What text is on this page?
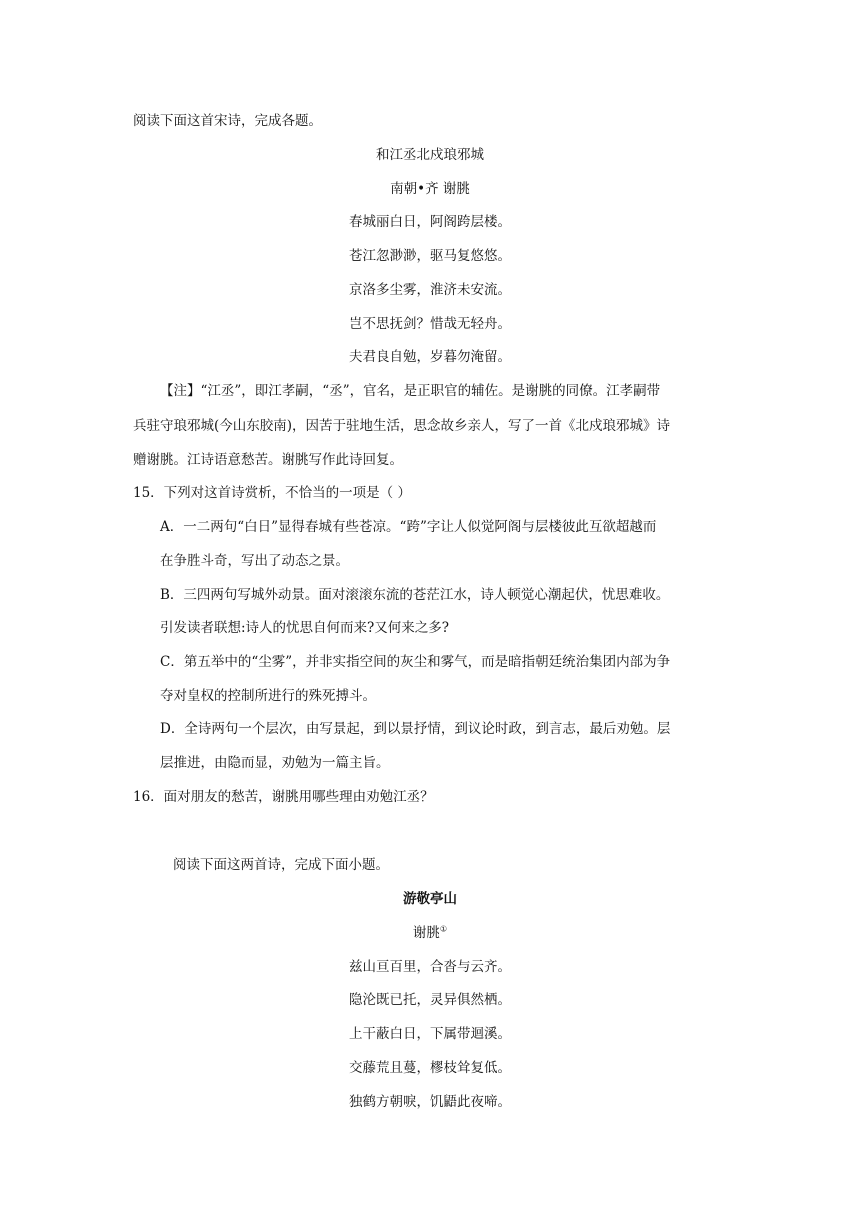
阅读下面这首宋诗，完成各题。
和江丞北戍琅邪城
南朝•齐 谢朓
春城丽白日，阿阁跨层楼。
苍江忽渺渺，驱马复悠悠。
京洛多尘雾，淮济未安流。
岂不思抚剑？惜哉无轻舟。
夫君良自勉，岁暮勿淹留。
【注】“江丞”，即江孝嗣，“丞”，官名，是正职官的辅佐。是谢朓的同僚。江孝嗣带
兵驻守琅邪城(今山东胶南)，因苦于驻地生活，思念故乡亲人，写了一首《北戍琅邪城》诗
赠谢朓。江诗语意愁苦。谢朓写作此诗回复。
15．下列对这首诗赏析，不恰当的一项是（ ）
A．一二两句“白日”显得春城有些苍凉。“跨”字让人似觉阿阁与层楼彼此互欲超越而
在争胜斗奇，写出了动态之景。
B．三四两句写城外动景。面对滚滚东流的苍茫江水，诗人顿觉心潮起伏，忧思难收。
引发读者联想:诗人的忧思自何而来?又何来之多?
C．第五举中的“尘雾”，并非实指空间的灰尘和雾气，而是暗指朝廷统治集团内部为争
夺对皇权的控制所进行的殊死搏斗。
D．全诗两句一个层次，由写景起，到以景抒情，到议论时政，到言志，最后劝勉。层
层推进，由隐而显，劝勉为一篇主旨。
16．面对朋友的愁苦，谢朓用哪些理由劝勉江丞？
阅读下面这两首诗，完成下面小题。
游敬亭山
谢朓①
兹山亘百里，合沓与云齐。
隐沦既已托，灵异俱然栖。
上干蔽白日，下属带迴溪。
交藤荒且蔓，樛枝耸复低。
独鹤方朝唳，饥鼯此夜啼。
